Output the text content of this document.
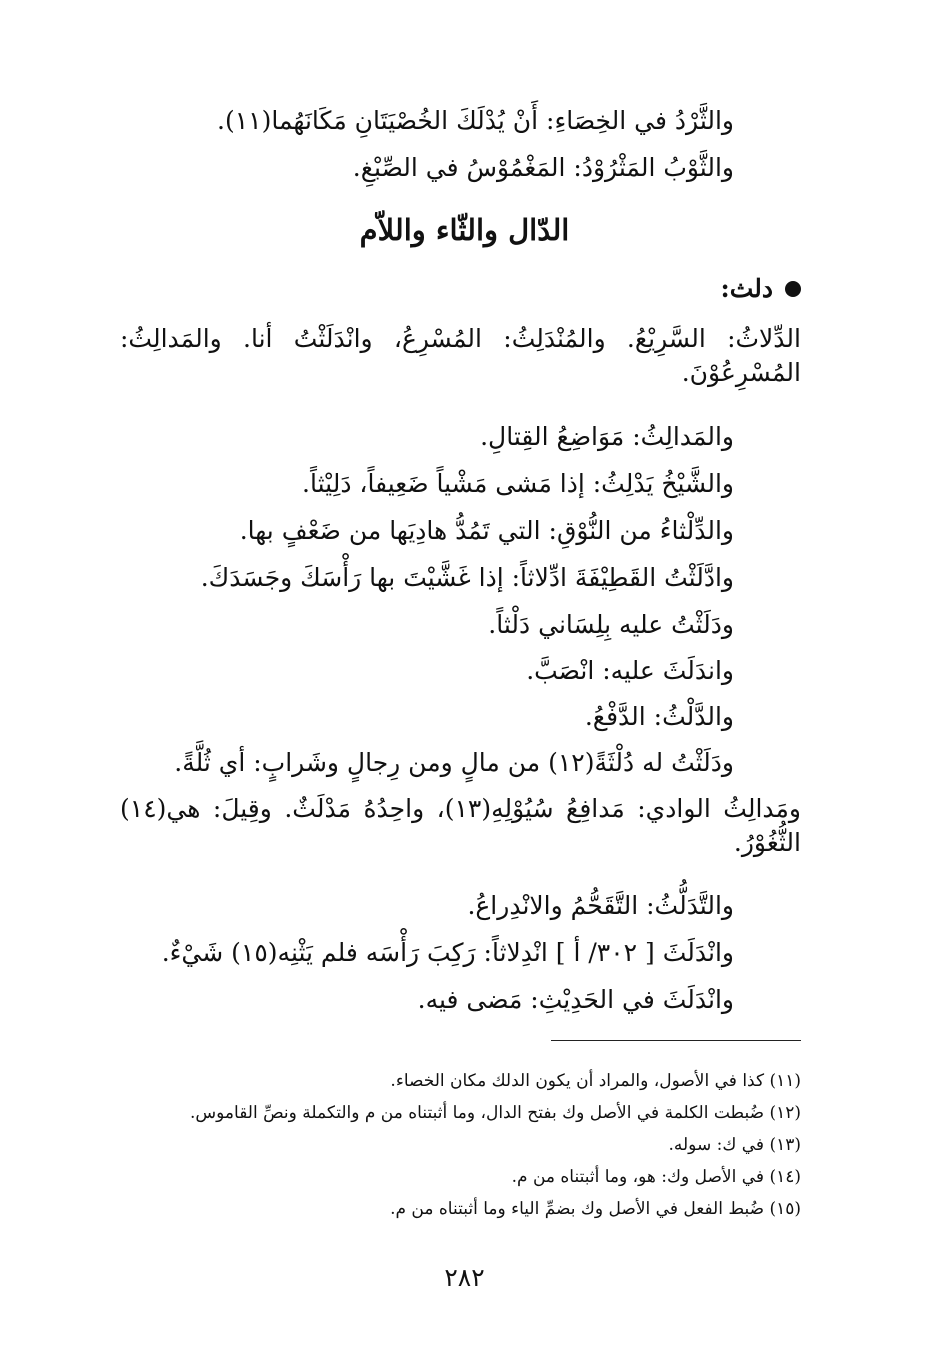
والثَّرْدُ في الخِصَاءِ: أَنْ يُدْلَكَ الخُصْيَتَانِ مَكَانَهُما(١١).
والثَّوْبُ المَثْرُوْدُ: المَغْمُوْسُ في الصِّبْغِ.
الدّال والثّاء واللاّم
دلث:
الدِّلاثُ: السَّرِيْعُ. والمُنْدَلِثُ: المُسْرِعُ، وانْدَلَثْتُ أنا. والمَدالِثُ: المُسْرِعُوْنَ.
والمَدالِثُ: مَوَاضِعُ القِتالِ.
والشَّيْخُ يَدْلِثُ: إذا مَشى مَشْياً ضَعِيفاً، دَلِيْثاً.
والدِّلْثاءُ من النُّوْقِ: التي تَمُدُّ هادِيَها من ضَعْفٍ بها.
وادَّلَثْتُ القَطِيْفَةَ ادِّلاثاً: إذا غَشَّيْتَ بها رَأْسَكَ وجَسَدَكَ.
ودَلَثْتُ عليه بِلِسَاني دَلْثاً.
واندَلَثَ عليه: انْصَبَّ.
والدَّلْثُ: الدَّفْعُ.
ودَلَثْتُ له دُلْثَةً(١٢) من مالٍ ومن رِجالٍ وشَرابٍ: أي ثُلَّةً.
ومَدالِثُ الوادي: مَدافِعُ سُيُوْلِهِ(١٣)، واحِدُهُ مَدْلَثٌ. وقِيلَ: هي(١٤) الثُّغُوْرُ.
والتَّدَلُّثُ: التَّقَحُّمُ والانْدِراعُ.
وانْدَلَثَ [ ٣٠٢/ أ ] انْدِلاثاً: رَكِبَ رَأْسَه فلم يَثْنِه(١٥) شَيْءٌ.
وانْدَلَثَ في الحَدِيْثِ: مَضى فيه.
(١١) كذا في الأصول، والمراد أن يكون الدلك مكان الخصاء.
(١٢) ضُبطت الكلمة في الأصل وك بفتح الدال، وما أثبتناه من م والتكملة ونصِّ القاموس.
(١٣) في ك: سوله.
(١٤) في الأصل وك: هو، وما أثبتناه من م.
(١٥) ضُبط الفعل في الأصل وك بضمِّ الياء وما أثبتناه من م.
٢٨٢
